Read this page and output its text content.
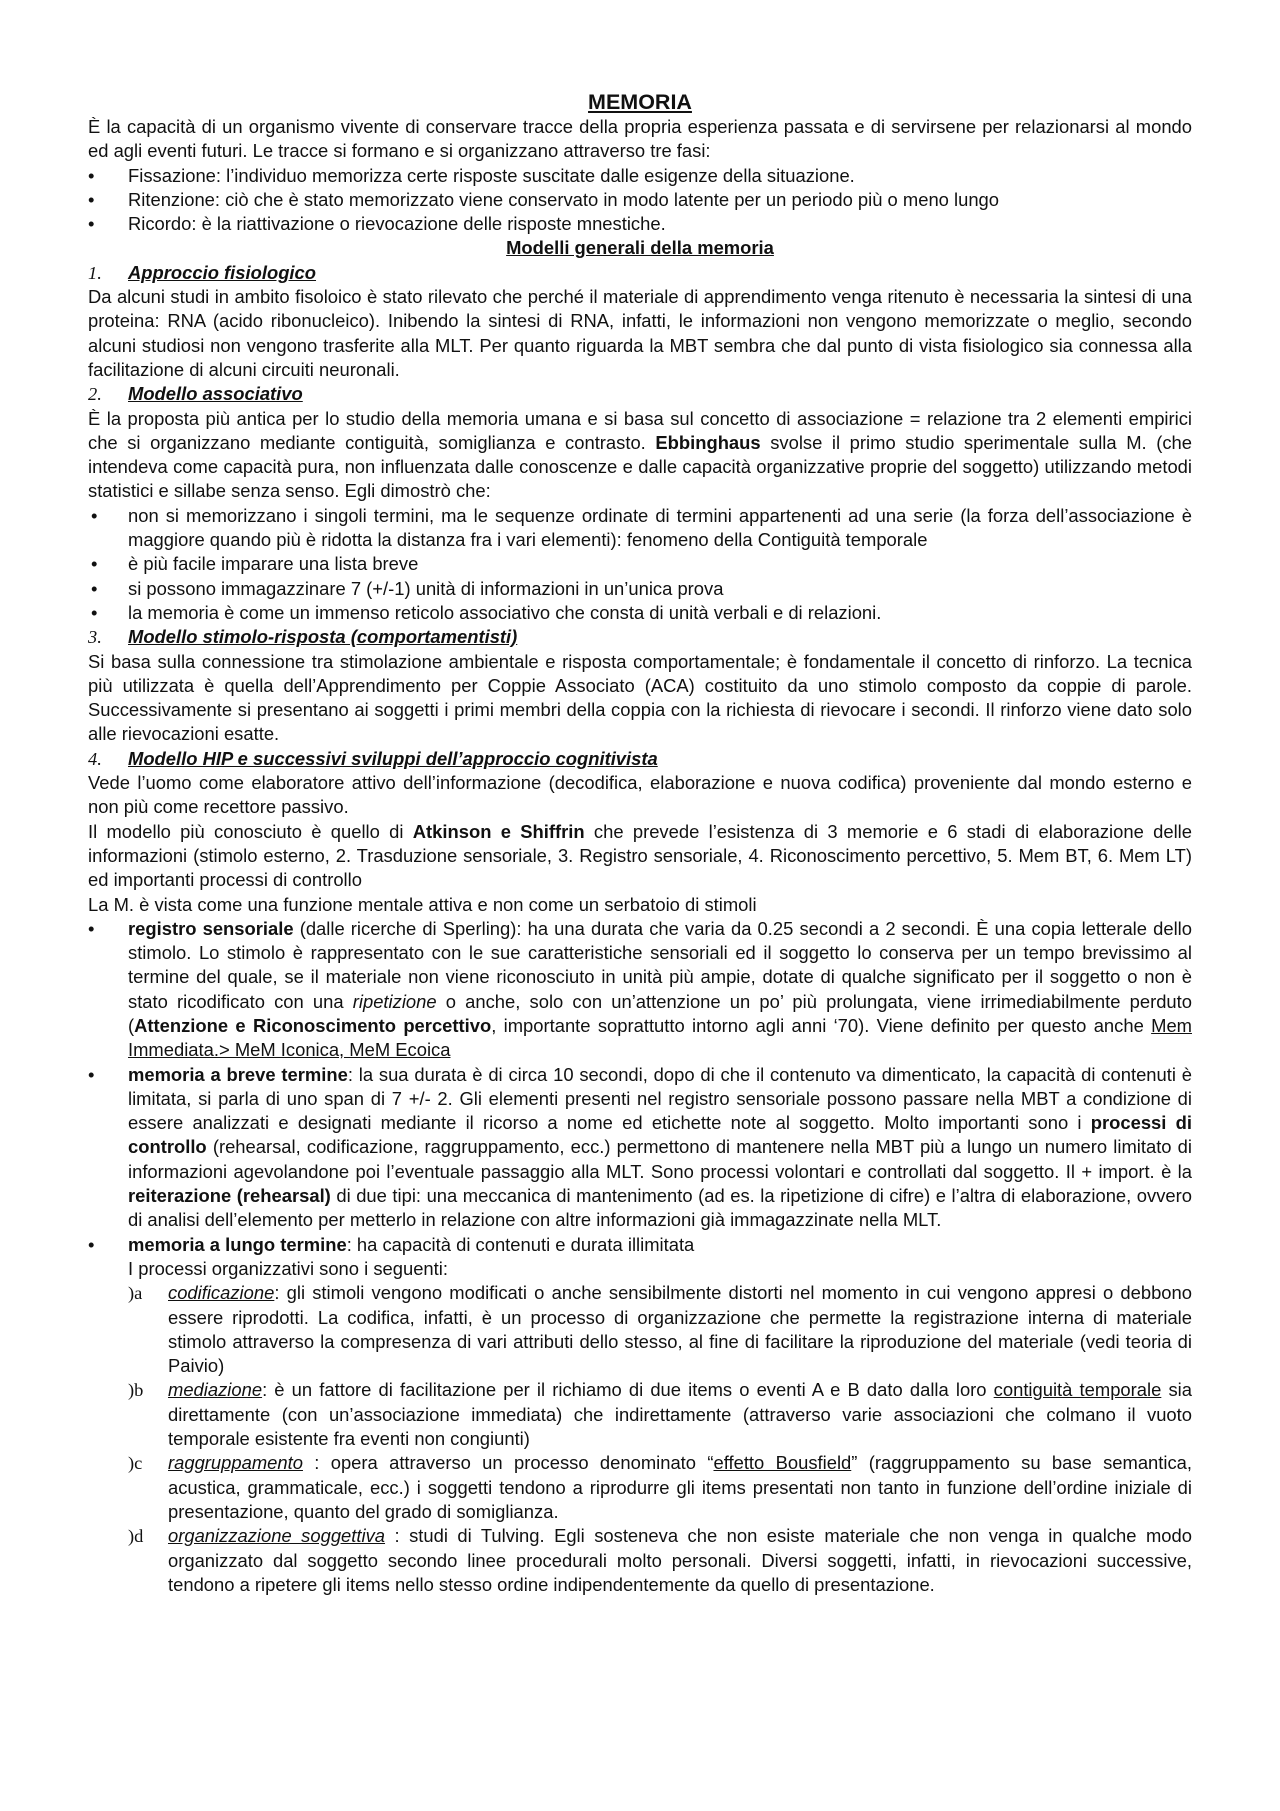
MEMORIA

È la capacità di un organismo vivente di conservare tracce della propria esperienza passata e di servirsene per relazionarsi al mondo ed agli eventi futuri. Le tracce si formano e si organizzano attraverso tre fasi:

• Fissazione: l’individuo memorizza certe risposte suscitate dalle esigenze della situazione.
• Ritenzione: ciò che è stato memorizzato viene conservato in modo latente per un periodo più o meno lungo
• Ricordo: è la riattivazione o rievocazione delle risposte mnestiche.

Modelli generali della memoria

1.	Approccio fisiologico

Da alcuni studi in ambito fisoloico è stato rilevato che perché il materiale di apprendimento venga ritenuto è necessaria la sintesi di una proteina: RNA (acido ribonucleico). Inibendo la sintesi di RNA, infatti, le informazioni non vengono memorizzate o meglio, secondo alcuni studiosi non vengono trasferite alla MLT. Per quanto riguarda la MBT sembra che dal punto di vista fisiologico sia connessa alla facilitazione di alcuni circuiti neuronali.

2.	Modello associativo

È la proposta più antica per lo studio della memoria umana e si basa sul concetto di associazione = relazione tra 2 elementi empirici che si organizzano mediante contiguità, somiglianza e contrasto. Ebbinghaus svolse il primo studio sperimentale sulla M. (che intendeva come capacità pura, non influenzata dalle conoscenze e dalle capacità organizzative proprie del soggetto) utilizzando metodi statistici e sillabe senza senso. Egli dimostrò che:

• non si memorizzano i singoli termini, ma le sequenze ordinate di termini appartenenti ad una serie (la forza dell’associazione è maggiore quando più è ridotta la distanza fra i vari elementi): fenomeno della Contiguità temporale
• è più facile imparare una lista breve
• si possono immagazzinare 7 (+/-1) unità di informazioni in un’unica prova
• la memoria è come un immenso reticolo associativo che consta di unità verbali e di relazioni.
3.	Modello stimolo-risposta (comportamentisti)

Si basa sulla connessione tra stimolazione ambientale e risposta comportamentale; è fondamentale il concetto di rinforzo. La tecnica più utilizzata è quella dell’Apprendimento per Coppie Associato (ACA) costituito da uno stimolo composto da coppie di parole. Successivamente si presentano ai soggetti i primi membri della coppia con la richiesta di rievocare i secondi. Il rinforzo viene dato solo alle rievocazioni esatte.

4.	Modello HIP e successivi sviluppi dell’approccio cognitivista

Vede l’uomo come elaboratore attivo dell’informazione (decodifica, elaborazione e nuova codifica) proveniente dal mondo esterno e non più come recettore passivo.

Il modello più conosciuto è quello di Atkinson e Shiffrin che prevede l’esistenza di 3 memorie e 6 stadi di elaborazione delle informazioni (stimolo esterno, 2. Trasduzione sensoriale, 3. Registro sensoriale, 4. Riconoscimento percettivo, 5. Mem BT, 6. Mem LT) ed importanti processi di controllo

La M. è vista come una funzione mentale attiva e non come un serbatoio di stimoli

• registro sensoriale (dalle ricerche di Sperling): ha una durata che varia da 0.25 secondi a 2 secondi. È una copia letterale dello stimolo. Lo stimolo è rappresentato con le sue caratteristiche sensoriali ed il soggetto lo conserva per un tempo brevissimo al termine del quale, se il materiale non viene riconosciuto in unità più ampie, dotate di qualche significato per il soggetto o non è stato ricodificato con una ripetizione o anche, solo con un’attenzione un po’ più prolungata, viene irrimediabilmente perduto (Attenzione e Riconoscimento percettivo, importante soprattutto intorno agli anni ‘70). Viene definito per questo anche Mem Immediata.> MeM Iconica, MeM Ecoica
• memoria a breve termine: la sua durata è di circa 10 secondi, dopo di che il contenuto va dimenticato, la capacità di contenuti è limitata, si parla di uno span di 7 +/- 2. Gli elementi presenti nel registro sensoriale possono passare nella MBT a condizione di essere analizzati e designati mediante il ricorso a nome ed etichette note al soggetto. Molto importanti sono i processi di controllo (rehearsal, codificazione, raggruppamento, ecc.) permettono di mantenere nella MBT più a lungo un numero limitato di informazioni agevolandone poi l’eventuale passaggio alla MLT. Sono processi volontari e controllati dal soggetto. Il + import. è la reiterazione (rehearsal) di due tipi: una meccanica di mantenimento (ad es. la ripetizione di cifre) e l’altra di elaborazione, ovvero di analisi dell’elemento per metterlo in relazione con altre informazioni già immagazzinate nella MLT.
• memoria a lungo termine: ha capacità di contenuti e durata illimitata
I processi organizzativi sono i seguenti:
)a codificazione: gli stimoli vengono modificati o anche sensibilmente distorti nel momento in cui vengono appresi o debbono essere riprodotti. La codifica, infatti, è un processo di organizzazione che permette la registrazione interna di materiale stimolo attraverso la compresenza di vari attributi dello stesso, al fine di facilitare la riproduzione del materiale (vedi teoria di Paivio)
)b mediazione: è un fattore di facilitazione per il richiamo di due items o eventi A e B dato dalla loro contiguità temporale sia direttamente (con un’associazione immediata) che indirettamente (attraverso varie associazioni che colmano il vuoto temporale esistente fra eventi non congiunti)
)c raggruppamento : opera attraverso un processo denominato “effetto Bousfield” (raggruppamento su base semantica, acustica, grammaticale, ecc.) i soggetti tendono a riprodurre gli items presentati non tanto in funzione dell’ordine iniziale di presentazione, quanto del grado di somiglianza.
)d organizzazione soggettiva : studi di Tulving. Egli sosteneva che non esiste materiale che non venga in qualche modo organizzato dal soggetto secondo linee procedurali molto personali. Diversi soggetti, infatti, in rievocazioni successive, tendono a ripetere gli items nello stesso ordine indipendentemente da quello di presentazione.
